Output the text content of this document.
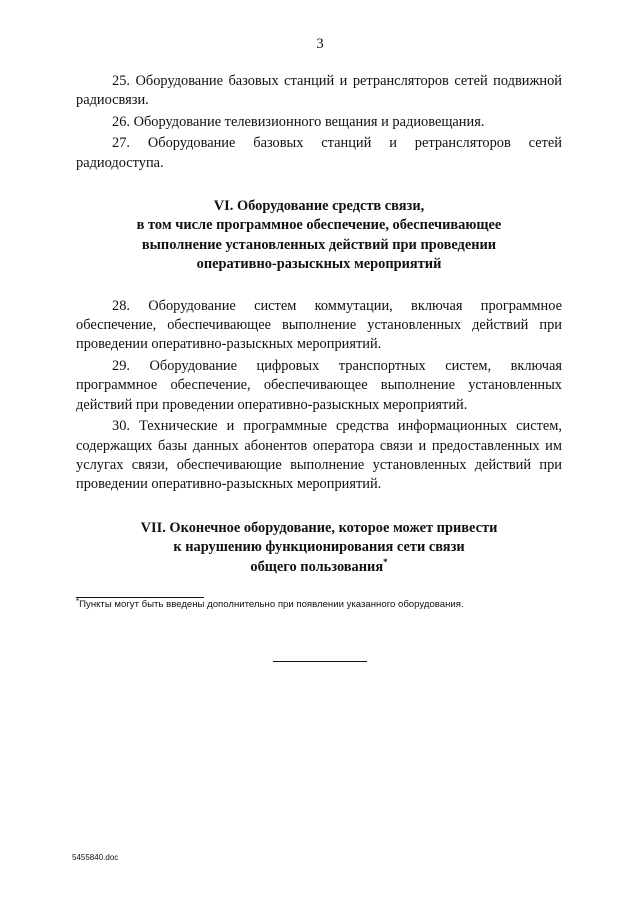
3

25. Оборудование базовых станций и ретрансляторов сетей подвижной радиосвязи.

26. Оборудование телевизионного вещания и радиовещания.

27. Оборудование базовых станций и ретрансляторов сетей радиодоступа.

VI. Оборудование средств связи,
в том числе программное обеспечение, обеспечивающее
выполнение установленных действий при проведении
оперативно-разыскных мероприятий

28. Оборудование систем коммутации, включая программное обеспечение, обеспечивающее выполнение установленных действий при проведении оперативно-разыскных мероприятий.

29. Оборудование цифровых транспортных систем, включая программное обеспечение, обеспечивающее выполнение установленных действий при проведении оперативно-разыскных мероприятий.

30. Технические и программные средства информационных систем, содержащих базы данных абонентов оператора связи и предоставленных им услугах связи, обеспечивающие выполнение установленных действий при проведении оперативно-разыскных мероприятий.

VII. Оконечное оборудование, которое может привести
к нарушению функционирования сети связи
общего пользования*
*Пункты могут быть введены дополнительно при появлении указанного оборудования.
5455840.doc
